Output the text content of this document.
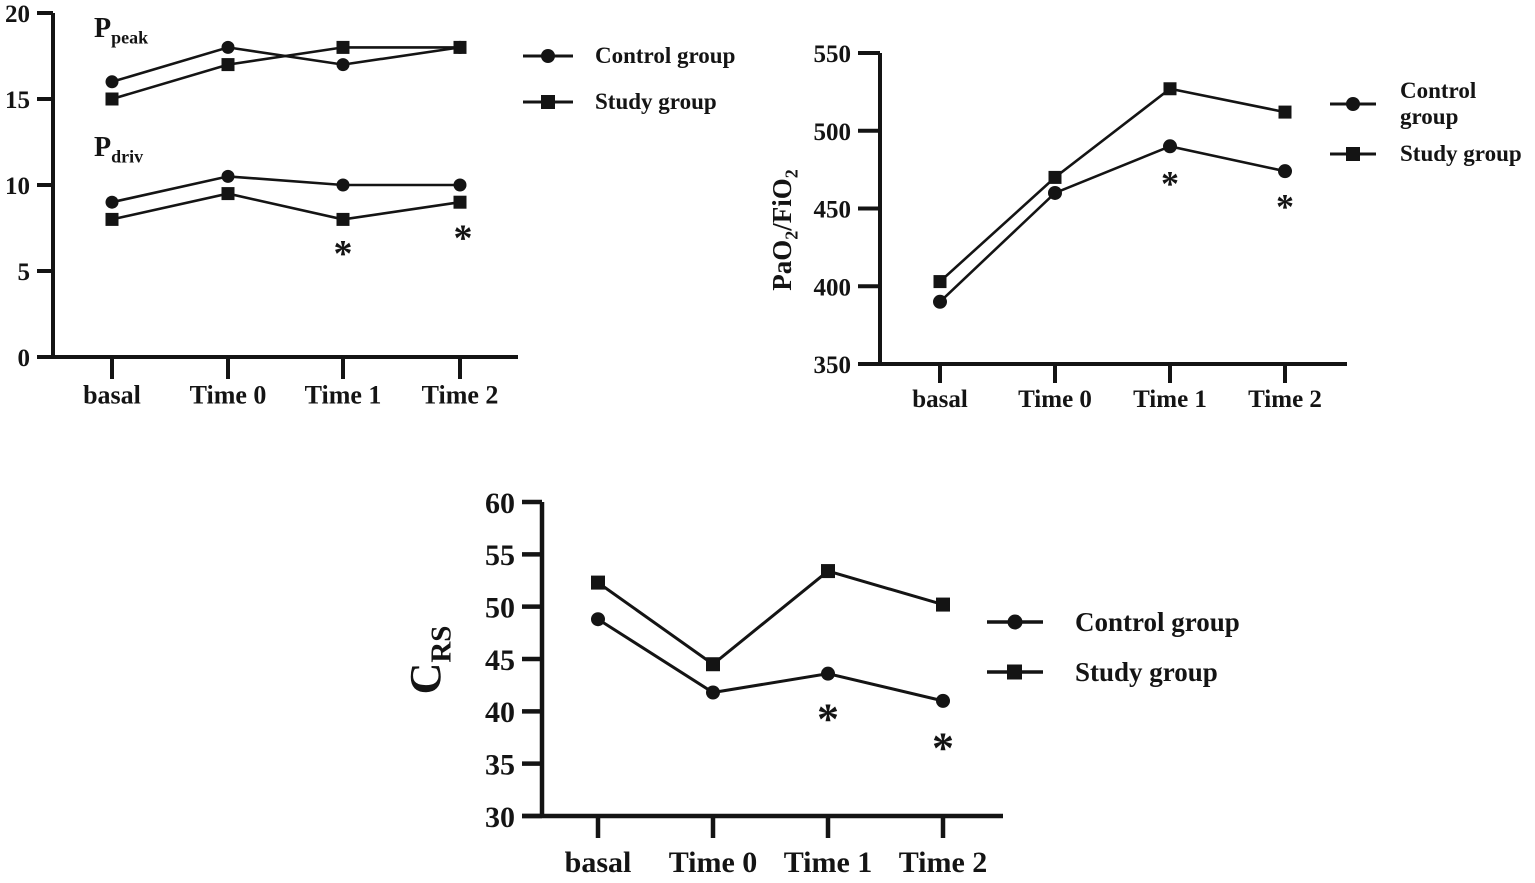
0
5
10
15
20
basal Time 0 Time 1 Time 2
*	*
$P_{peak}$
$P_{driv}$
350
400
450
500
550
basal Time 0 Time 1 Time 2
*
*
PaO$_2$/FiO$_2$
30
35
40
45
50
55
60
basal Time 0 Time 1 Time 2
*
*
$C_{RS}$
Control group
Study group	Control group
Study group
Control group
Study group
